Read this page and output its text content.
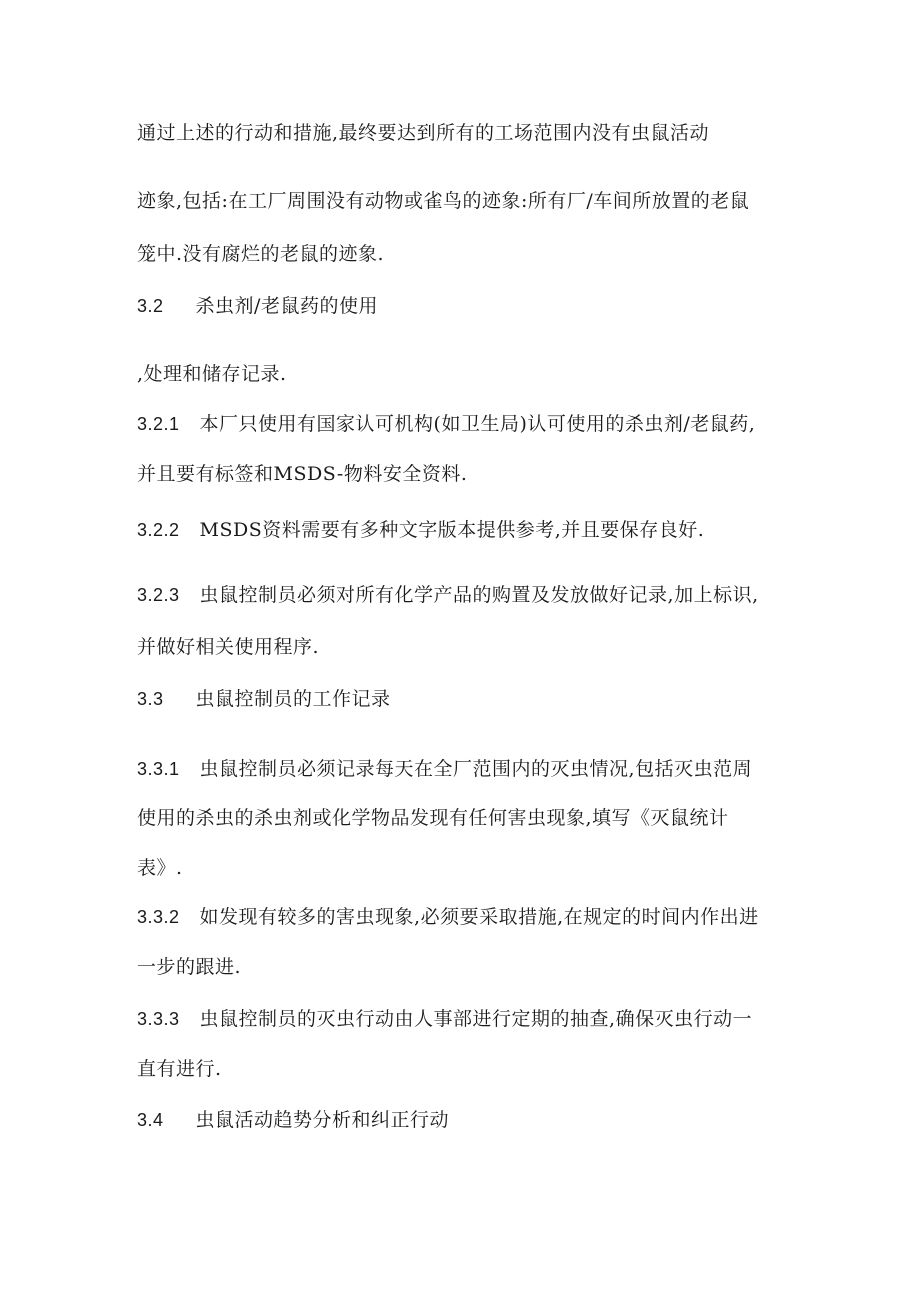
通过上述的行动和措施,最终要达到所有的工场范围内没有虫鼠活动
迹象,包括:在工厂周围没有动物或雀鸟的迹象:所有厂/车间所放置的老鼠
笼中.没有腐烂的老鼠的迹象.
3.2 杀虫剂/老鼠药的使用
,处理和储存记录.
3.2.1 本厂只使用有国家认可机构(如卫生局)认可使用的杀虫剂/老鼠药,
并且要有标签和MSDS-物料安全资料.
3.2.2 MSDS资料需要有多种文字版本提供参考,并且要保存良好.
3.2.3 虫鼠控制员必须对所有化学产品的购置及发放做好记录,加上标识,
并做好相关使用程序.
3.3 虫鼠控制员的工作记录
3.3.1 虫鼠控制员必须记录每天在全厂范围内的灭虫情况,包括灭虫范周
使用的杀虫的杀虫剂或化学物品发现有任何害虫现象,填写《灭鼠统计
表》.
3.3.2 如发现有较多的害虫现象,必须要采取措施,在规定的时间内作出进
一步的跟进.
3.3.3 虫鼠控制员的灭虫行动由人事部进行定期的抽查,确保灭虫行动一
直有进行.
3.4 虫鼠活动趋势分析和纠正行动
